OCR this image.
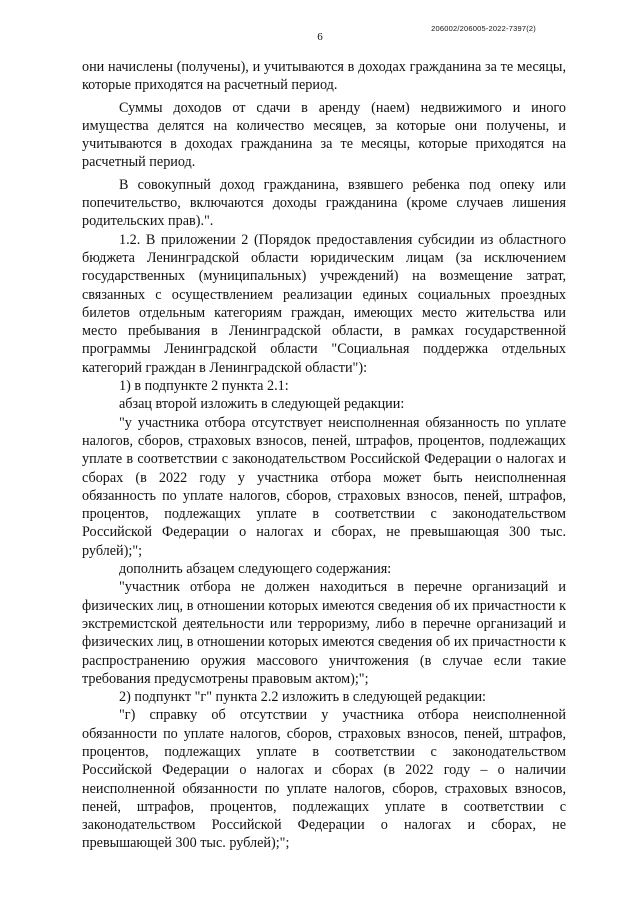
6
206002/206005-2022-7397(2)

они начислены (получены), и учитываются в доходах гражданина за те месяцы, которые приходятся на расчетный период.

Суммы доходов от сдачи в аренду (наем) недвижимого и иного имущества делятся на количество месяцев, за которые они получены, и учитываются в доходах гражданина за те месяцы, которые приходятся на расчетный период.

В совокупный доход гражданина, взявшего ребенка под опеку или попечительство, включаются доходы гражданина (кроме случаев лишения родительских прав).".

1.2. В приложении 2 (Порядок предоставления субсидии из областного бюджета Ленинградской области юридическим лицам (за исключением государственных (муниципальных) учреждений) на возмещение затрат, связанных с осуществлением реализации единых социальных проездных билетов отдельным категориям граждан, имеющих место жительства или место пребывания в Ленинградской области, в рамках государственной программы Ленинградской области "Социальная поддержка отдельных категорий граждан в Ленинградской области"):

1) в подпункте 2 пункта 2.1:

абзац второй изложить в следующей редакции:

"у участника отбора отсутствует неисполненная обязанность по уплате налогов, сборов, страховых взносов, пеней, штрафов, процентов, подлежащих уплате в соответствии с законодательством Российской Федерации о налогах и сборах (в 2022 году у участника отбора может быть неисполненная обязанность по уплате налогов, сборов, страховых взносов, пеней, штрафов, процентов, подлежащих уплате в соответствии с законодательством Российской Федерации о налогах и сборах, не превышающая 300 тыс. рублей);";

дополнить абзацем следующего содержания:

"участник отбора не должен находиться в перечне организаций и физических лиц, в отношении которых имеются сведения об их причастности к экстремистской деятельности или терроризму, либо в перечне организаций и физических лиц, в отношении которых имеются сведения об их причастности к распространению оружия массового уничтожения (в случае если такие требования предусмотрены правовым актом);";

2) подпункт "г" пункта 2.2 изложить в следующей редакции:

"г) справку об отсутствии у участника отбора неисполненной обязанности по уплате налогов, сборов, страховых взносов, пеней, штрафов, процентов, подлежащих уплате в соответствии с законодательством Российской Федерации о налогах и сборах (в 2022 году – о наличии неисполненной обязанности по уплате налогов, сборов, страховых взносов, пеней, штрафов, процентов, подлежащих уплате в соответствии с законодательством Российской Федерации о налогах и сборах, не превышающей 300 тыс. рублей);";
